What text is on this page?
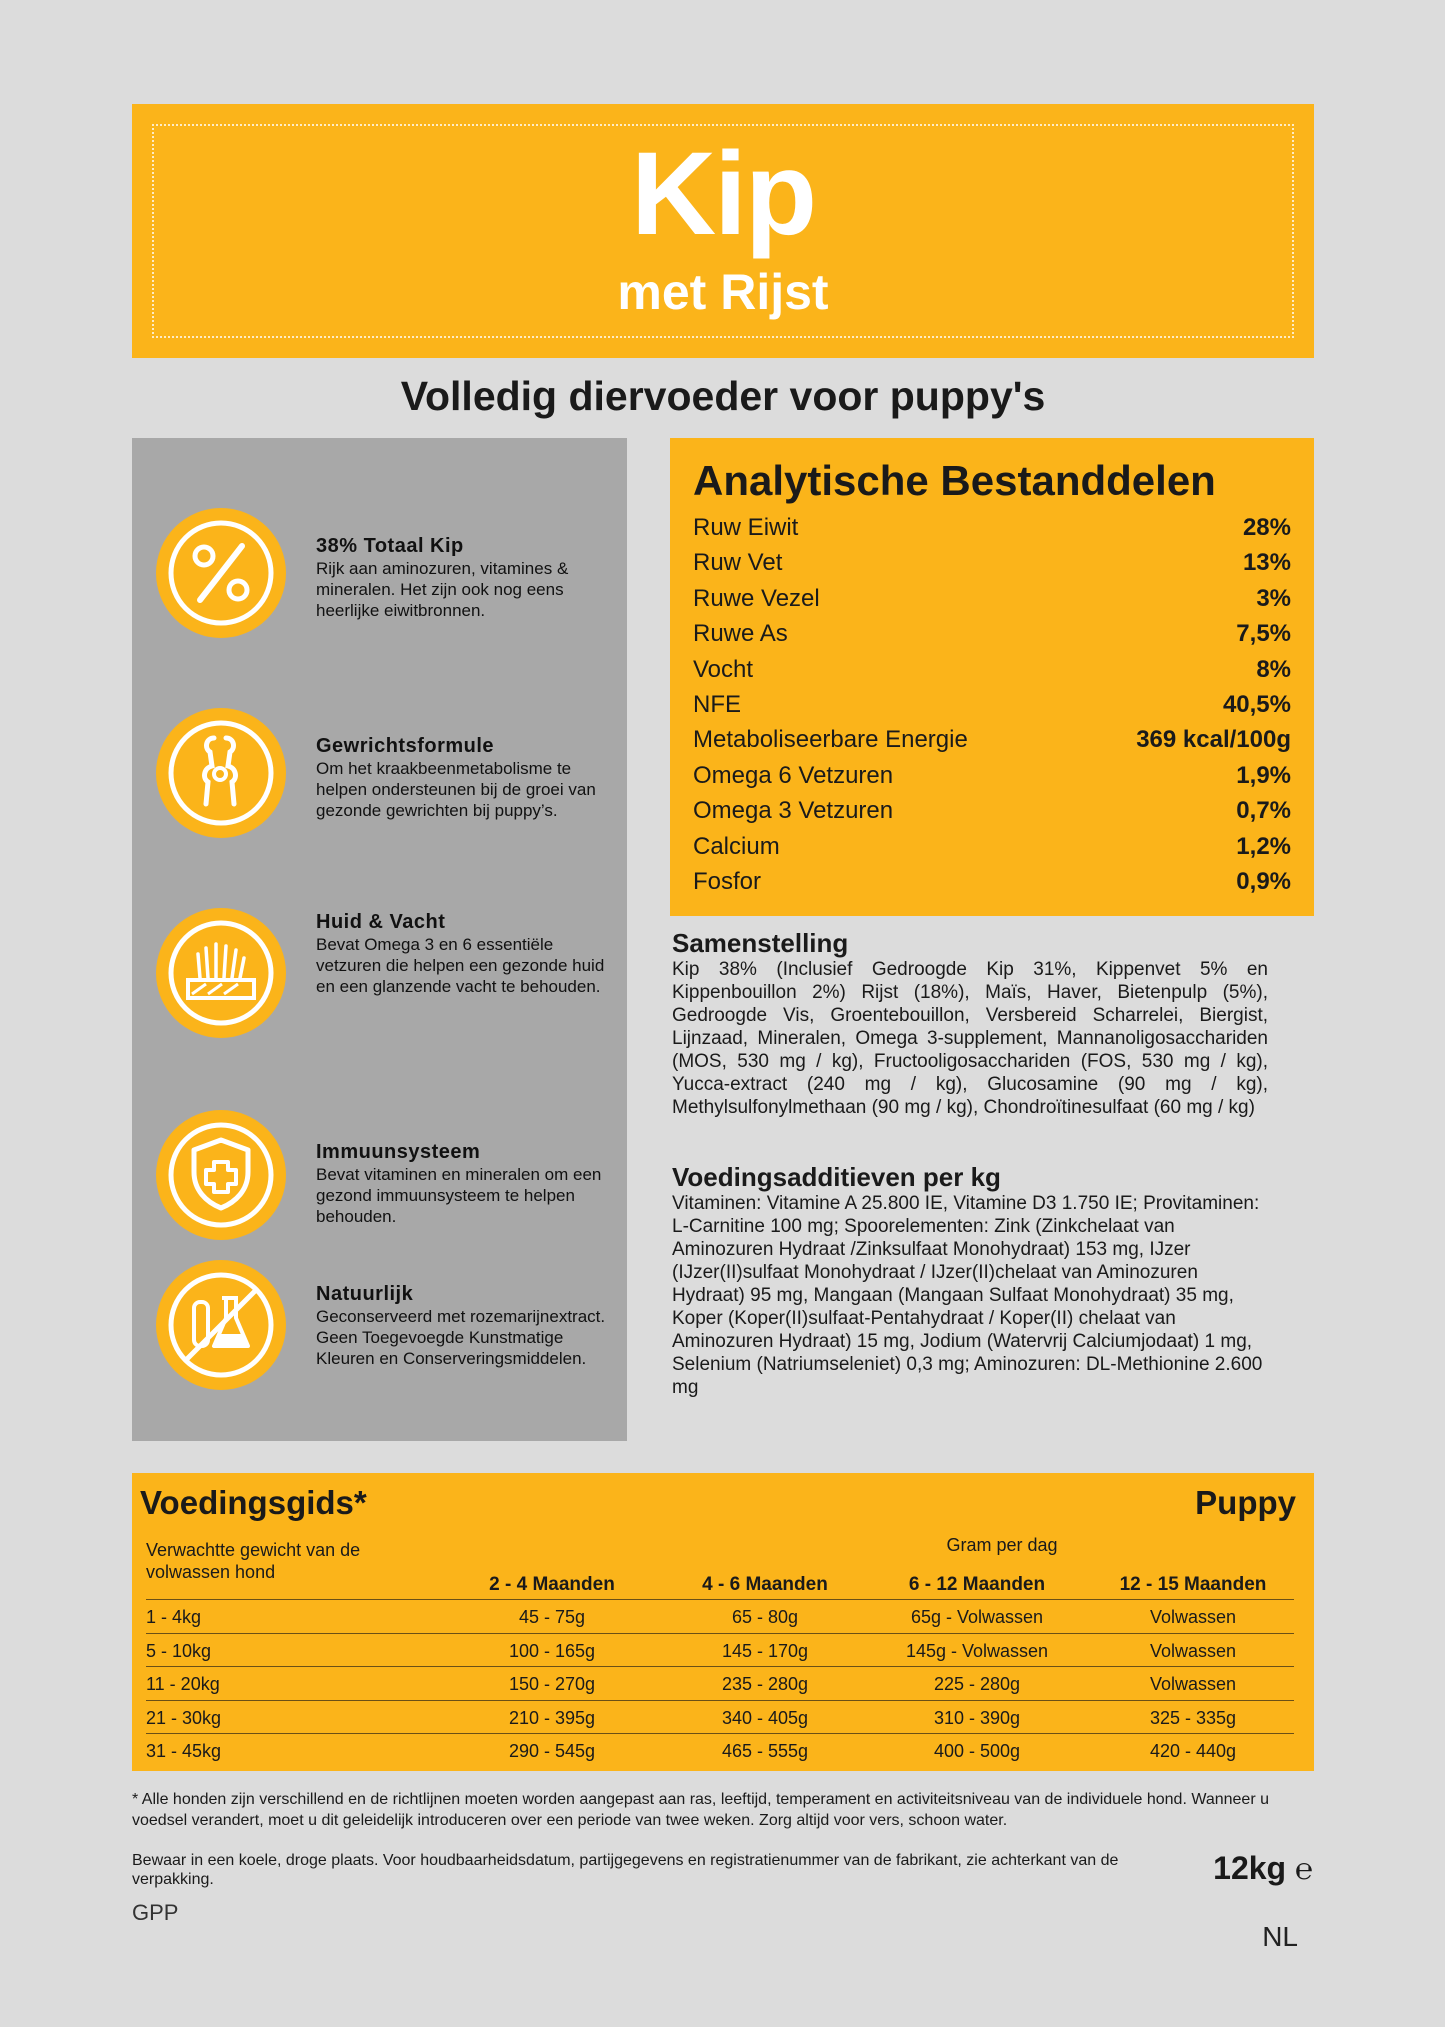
Kip
met Rijst
Volledig diervoeder voor puppy's
38% Totaal Kip
Rijk aan aminozuren, vitamines & mineralen. Het zijn ook nog eens heerlijke eiwitbronnen.
Gewrichtsformule
Om het kraakbeenmetabolisme te helpen ondersteunen bij de groei van gezonde gewrichten bij puppy’s.
Huid & Vacht
Bevat Omega 3 en 6 essentiële vetzuren die helpen een gezonde huid en een glanzende vacht te behouden.
Immuunsysteem
Bevat vitaminen en mineralen om een gezond immuunsysteem te helpen behouden.
Natuurlijk
Geconserveerd met rozemarijnextract. Geen Toegevoegde Kunstmatige Kleuren en Conserveringsmiddelen.
Analytische Bestanddelen
Ruw Eiwit	28%
Ruw Vet	13%
Ruwe Vezel	3%
Ruwe As	7,5%
Vocht	8%
NFE	40,5%
Metaboliseerbare Energie	369 kcal/100g
Omega 6 Vetzuren	1,9%
Omega 3 Vetzuren	0,7%
Calcium	1,2%
Fosfor	0,9%
Samenstelling
Kip 38% (Inclusief Gedroogde Kip 31%, Kippenvet 5% en Kippenbouillon 2%) Rijst (18%), Maïs, Haver, Bietenpulp (5%), Gedroogde Vis, Groentebouillon, Versbereid Scharrelei, Biergist, Lijnzaad, Mineralen, Omega 3-supplement, Mannanoligosacchariden (MOS, 530 mg / kg), Fructooligosacchariden (FOS, 530 mg / kg), Yucca-extract (240 mg / kg), Glucosamine (90 mg / kg), Methylsulfonylmethaan (90 mg / kg), Chondroïtinesulfaat (60 mg / kg)
Voedingsadditieven per kg
Vitaminen: Vitamine A 25.800 IE, Vitamine D3 1.750 IE; Provitaminen: L-Carnitine 100 mg; Spoorelementen: Zink (Zinkchelaat van Aminozuren Hydraat /Zinksulfaat Monohydraat) 153 mg, IJzer (IJzer(II)sulfaat Monohydraat / IJzer(II)chelaat van Aminozuren Hydraat) 95 mg, Mangaan (Mangaan Sulfaat Monohydraat) 35 mg, Koper (Koper(II)sulfaat-Pentahydraat / Koper(II) chelaat van Aminozuren Hydraat) 15 mg, Jodium (Watervrij Calciumjodaat) 1 mg, Selenium (Natriumseleniet) 0,3 mg; Aminozuren: DL-Methionine 2.600 mg
Voedingsgids*	Puppy
Verwachtte gewicht van de volwassen hond
Gram per dag
2 - 4 Maanden	4 - 6 Maanden	6 - 12 Maanden	12 - 15 Maanden
1 - 4kg	45 - 75g	65 - 80g	65g - Volwassen	Volwassen
5 - 10kg	100 - 165g	145 - 170g	145g - Volwassen	Volwassen
11 - 20kg	150 - 270g	235 - 280g	225 - 280g	Volwassen
21 - 30kg	210 - 395g	340 - 405g	310 - 390g	325 - 335g
31 - 45kg	290 - 545g	465 - 555g	400 - 500g	420 - 440g
* Alle honden zijn verschillend en de richtlijnen moeten worden aangepast aan ras, leeftijd, temperament en activiteitsniveau van de individuele hond. Wanneer u voedsel verandert, moet u dit geleidelijk introduceren over een periode van twee weken. Zorg altijd voor vers, schoon water.
Bewaar in een koele, droge plaats. Voor houdbaarheidsdatum, partijgegevens en registratienummer van de fabrikant, zie achterkant van de verpakking.	12kg ℮
GPP
NL
